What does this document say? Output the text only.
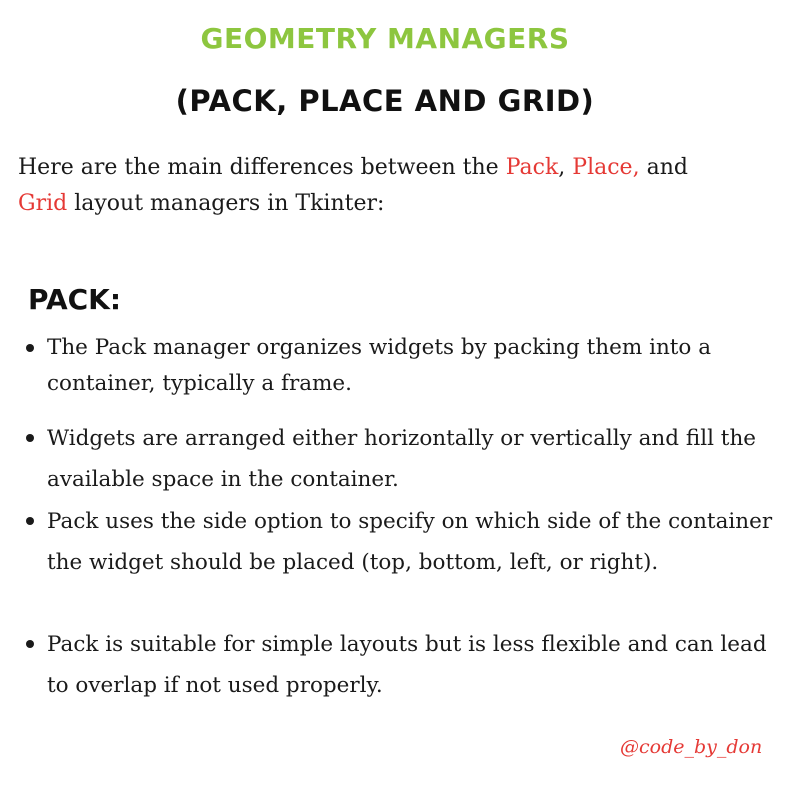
GEOMETRY MANAGERS
(PACK, PLACE AND GRID)
Here are the main differences between the Pack, Place, and
Grid layout managers in Tkinter:
PACK:
The Pack manager organizes widgets by packing them into a container, typically a frame.
Widgets are arranged either horizontally or vertically and fill the available space in the container.
Pack uses the side option to specify on which side of the container the widget should be placed (top, bottom, left, or right).
Pack is suitable for simple layouts but is less flexible and can lead to overlap if not used properly.
@code_by_don
